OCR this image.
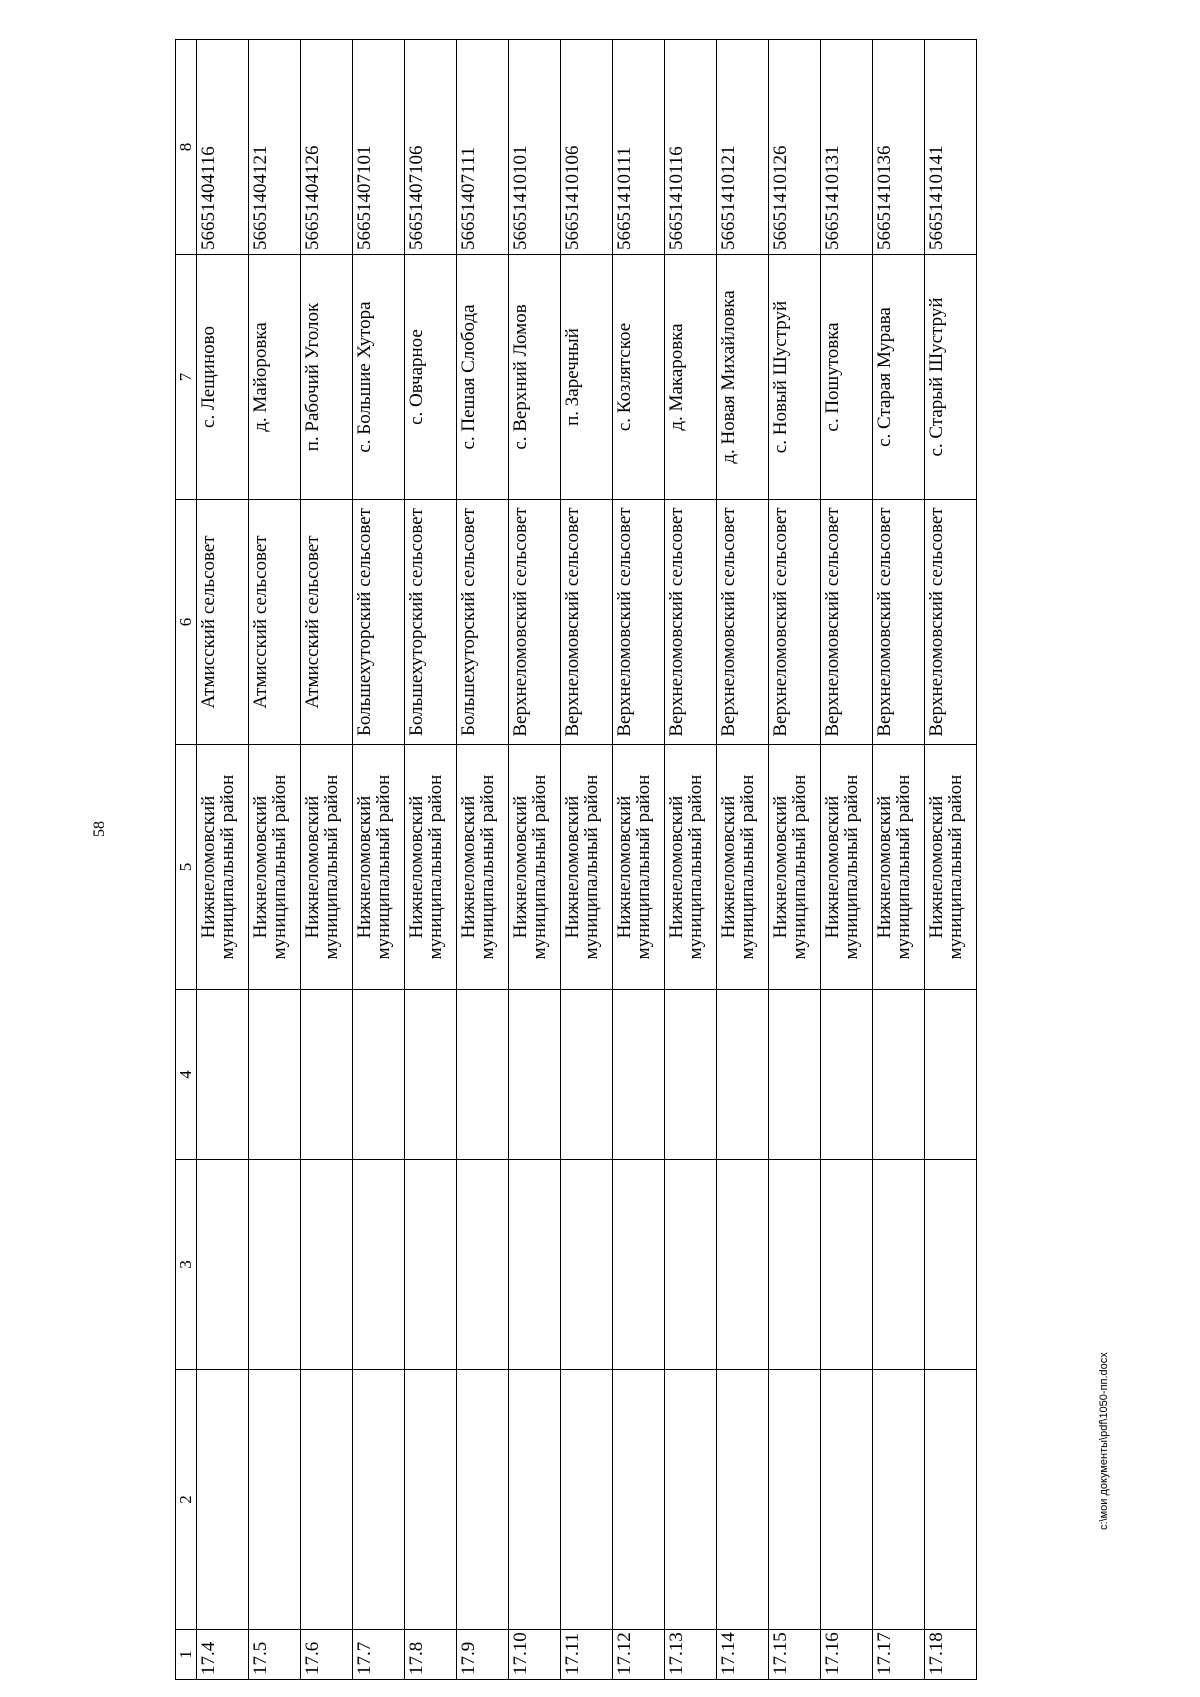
58
c:\мои документы\pdf\1050-пп.docx
1	2	3	4	5	6	7	8
17.4				Нижнеломовский муниципальный район	Атмисский сельсовет	с. Лещиново	56651404116
17.5				Нижнеломовский муниципальный район	Атмисский сельсовет	д. Майоровка	56651404121
17.6				Нижнеломовский муниципальный район	Атмисский сельсовет	п. Рабочий Уголок	56651404126
17.7				Нижнеломовский муниципальный район	Большехуторский сельсовет	с. Большие Хутора	56651407101
17.8				Нижнеломовский муниципальный район	Большехуторский сельсовет	с. Овчарное	56651407106
17.9				Нижнеломовский муниципальный район	Большехуторский сельсовет	с. Пешая Слобода	56651407111
17.10				Нижнеломовский муниципальный район	Верхнеломовский сельсовет	с. Верхний Ломов	56651410101
17.11				Нижнеломовский муниципальный район	Верхнеломовский сельсовет	п. Заречный	56651410106
17.12				Нижнеломовский муниципальный район	Верхнеломовский сельсовет	с. Козлятское	56651410111
17.13				Нижнеломовский муниципальный район	Верхнеломовский сельсовет	д. Макаровка	56651410116
17.14				Нижнеломовский муниципальный район	Верхнеломовский сельсовет	д. Новая Михайловка	56651410121
17.15				Нижнеломовский муниципальный район	Верхнеломовский сельсовет	с. Новый Шуструй	56651410126
17.16				Нижнеломовский муниципальный район	Верхнеломовский сельсовет	с. Пошутовка	56651410131
17.17				Нижнеломовский муниципальный район	Верхнеломовский сельсовет	с. Старая Мурава	56651410136
17.18				Нижнеломовский муниципальный район	Верхнеломовский сельсовет	с. Старый Шуструй	56651410141
